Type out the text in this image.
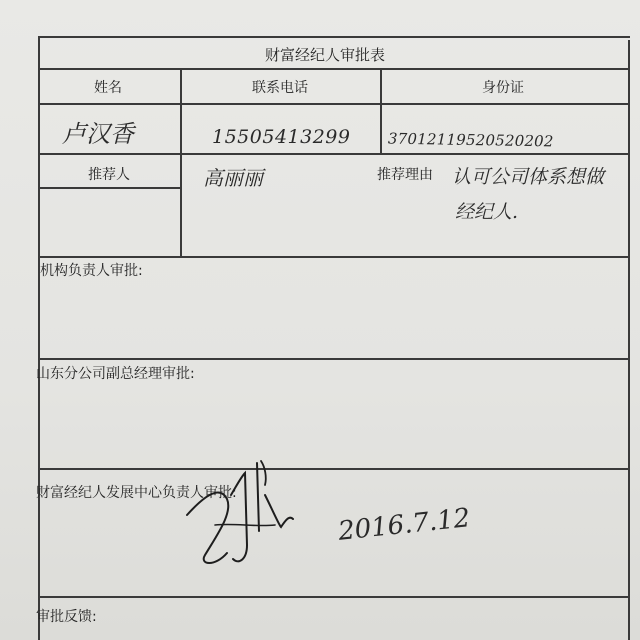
财富经纪人审批表
姓名	联系电话	身份证
卢汉香	15505413299 37012119520520202
推荐人	高丽丽	推荐理由 认可公司体系想做
经纪人.
机构负责人审批:
山东分公司副总经理审批:
财富经纪人发展中心负责人审批:
审批反馈:
2016.7.12
